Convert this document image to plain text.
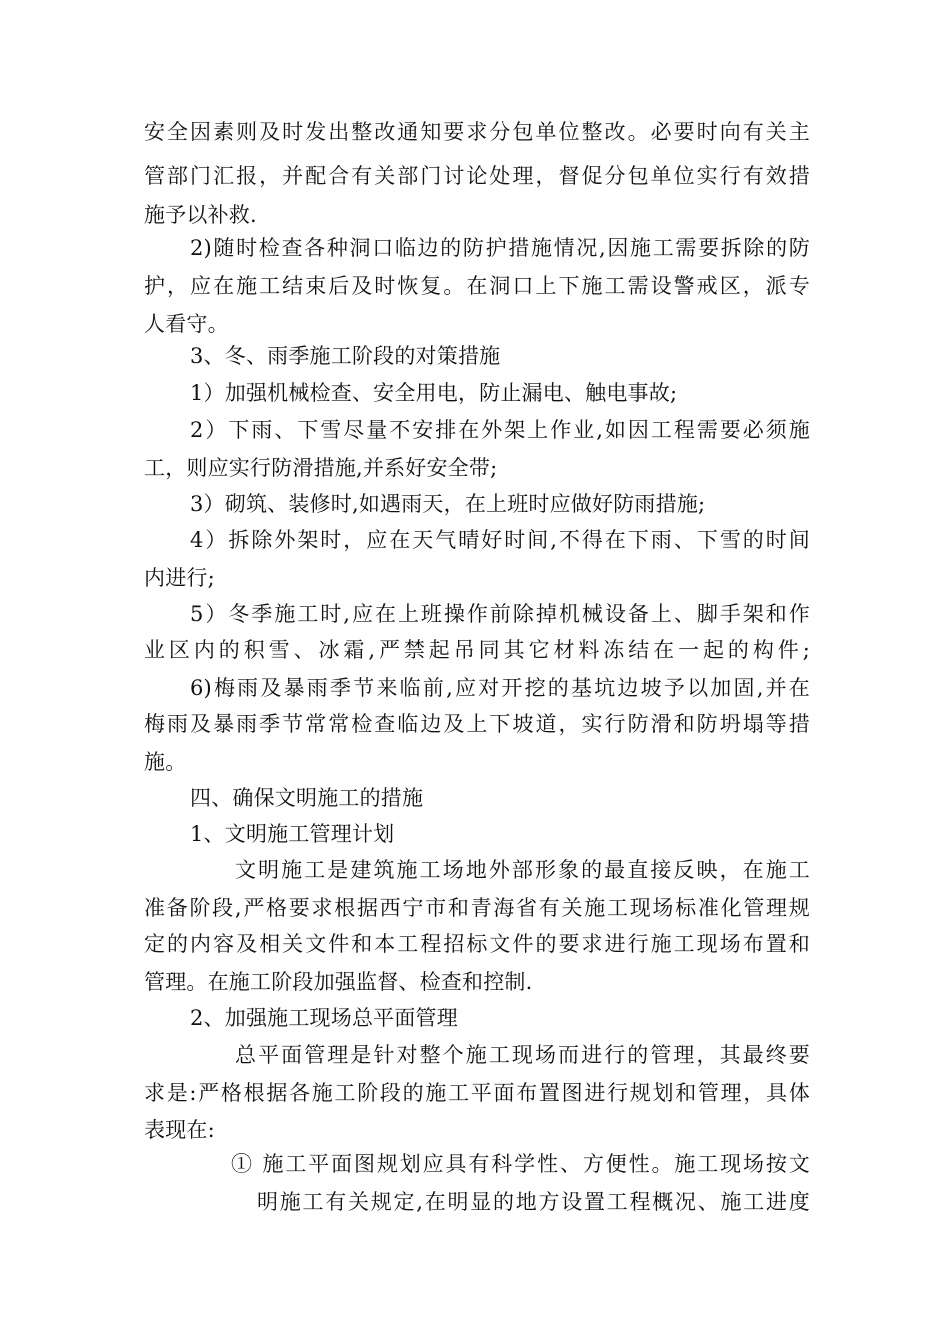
安全因素则及时发出整改通知要求分包单位整改。必要时向有关主
管部门汇报，并配合有关部门讨论处理，督促分包单位实行有效措
施予以补救.
2)随时检查各种洞口临边的防护措施情况,因施工需要拆除的防
护，应在施工结束后及时恢复。在洞口上下施工需设警戒区，派专
人看守。
3、冬、雨季施工阶段的对策措施
1）加强机械检查、安全用电，防止漏电、触电事故;
2）下雨、下雪尽量不安排在外架上作业,如因工程需要必须施
工，则应实行防滑措施,并系好安全带;
3）砌筑、装修时,如遇雨天，在上班时应做好防雨措施;
4）拆除外架时，应在天气晴好时间,不得在下雨、下雪的时间
内进行;
5）冬季施工时,应在上班操作前除掉机械设备上、脚手架和作
业区内的积雪、冰霜,严禁起吊同其它材料冻结在一起的构件;
6)梅雨及暴雨季节来临前,应对开挖的基坑边坡予以加固,并在
梅雨及暴雨季节常常检查临边及上下坡道，实行防滑和防坍塌等措
施。
四、确保文明施工的措施
1、文明施工管理计划
文明施工是建筑施工场地外部形象的最直接反映，在施工
准备阶段,严格要求根据西宁市和青海省有关施工现场标准化管理规
定的内容及相关文件和本工程招标文件的要求进行施工现场布置和
管理。在施工阶段加强监督、检查和控制.
2、加强施工现场总平面管理
总平面管理是针对整个施工现场而进行的管理，其最终要
求是:严格根据各施工阶段的施工平面布置图进行规划和管理，具体
表现在:
① 施工平面图规划应具有科学性、方便性。施工现场按文
明施工有关规定,在明显的地方设置工程概况、施工进度
